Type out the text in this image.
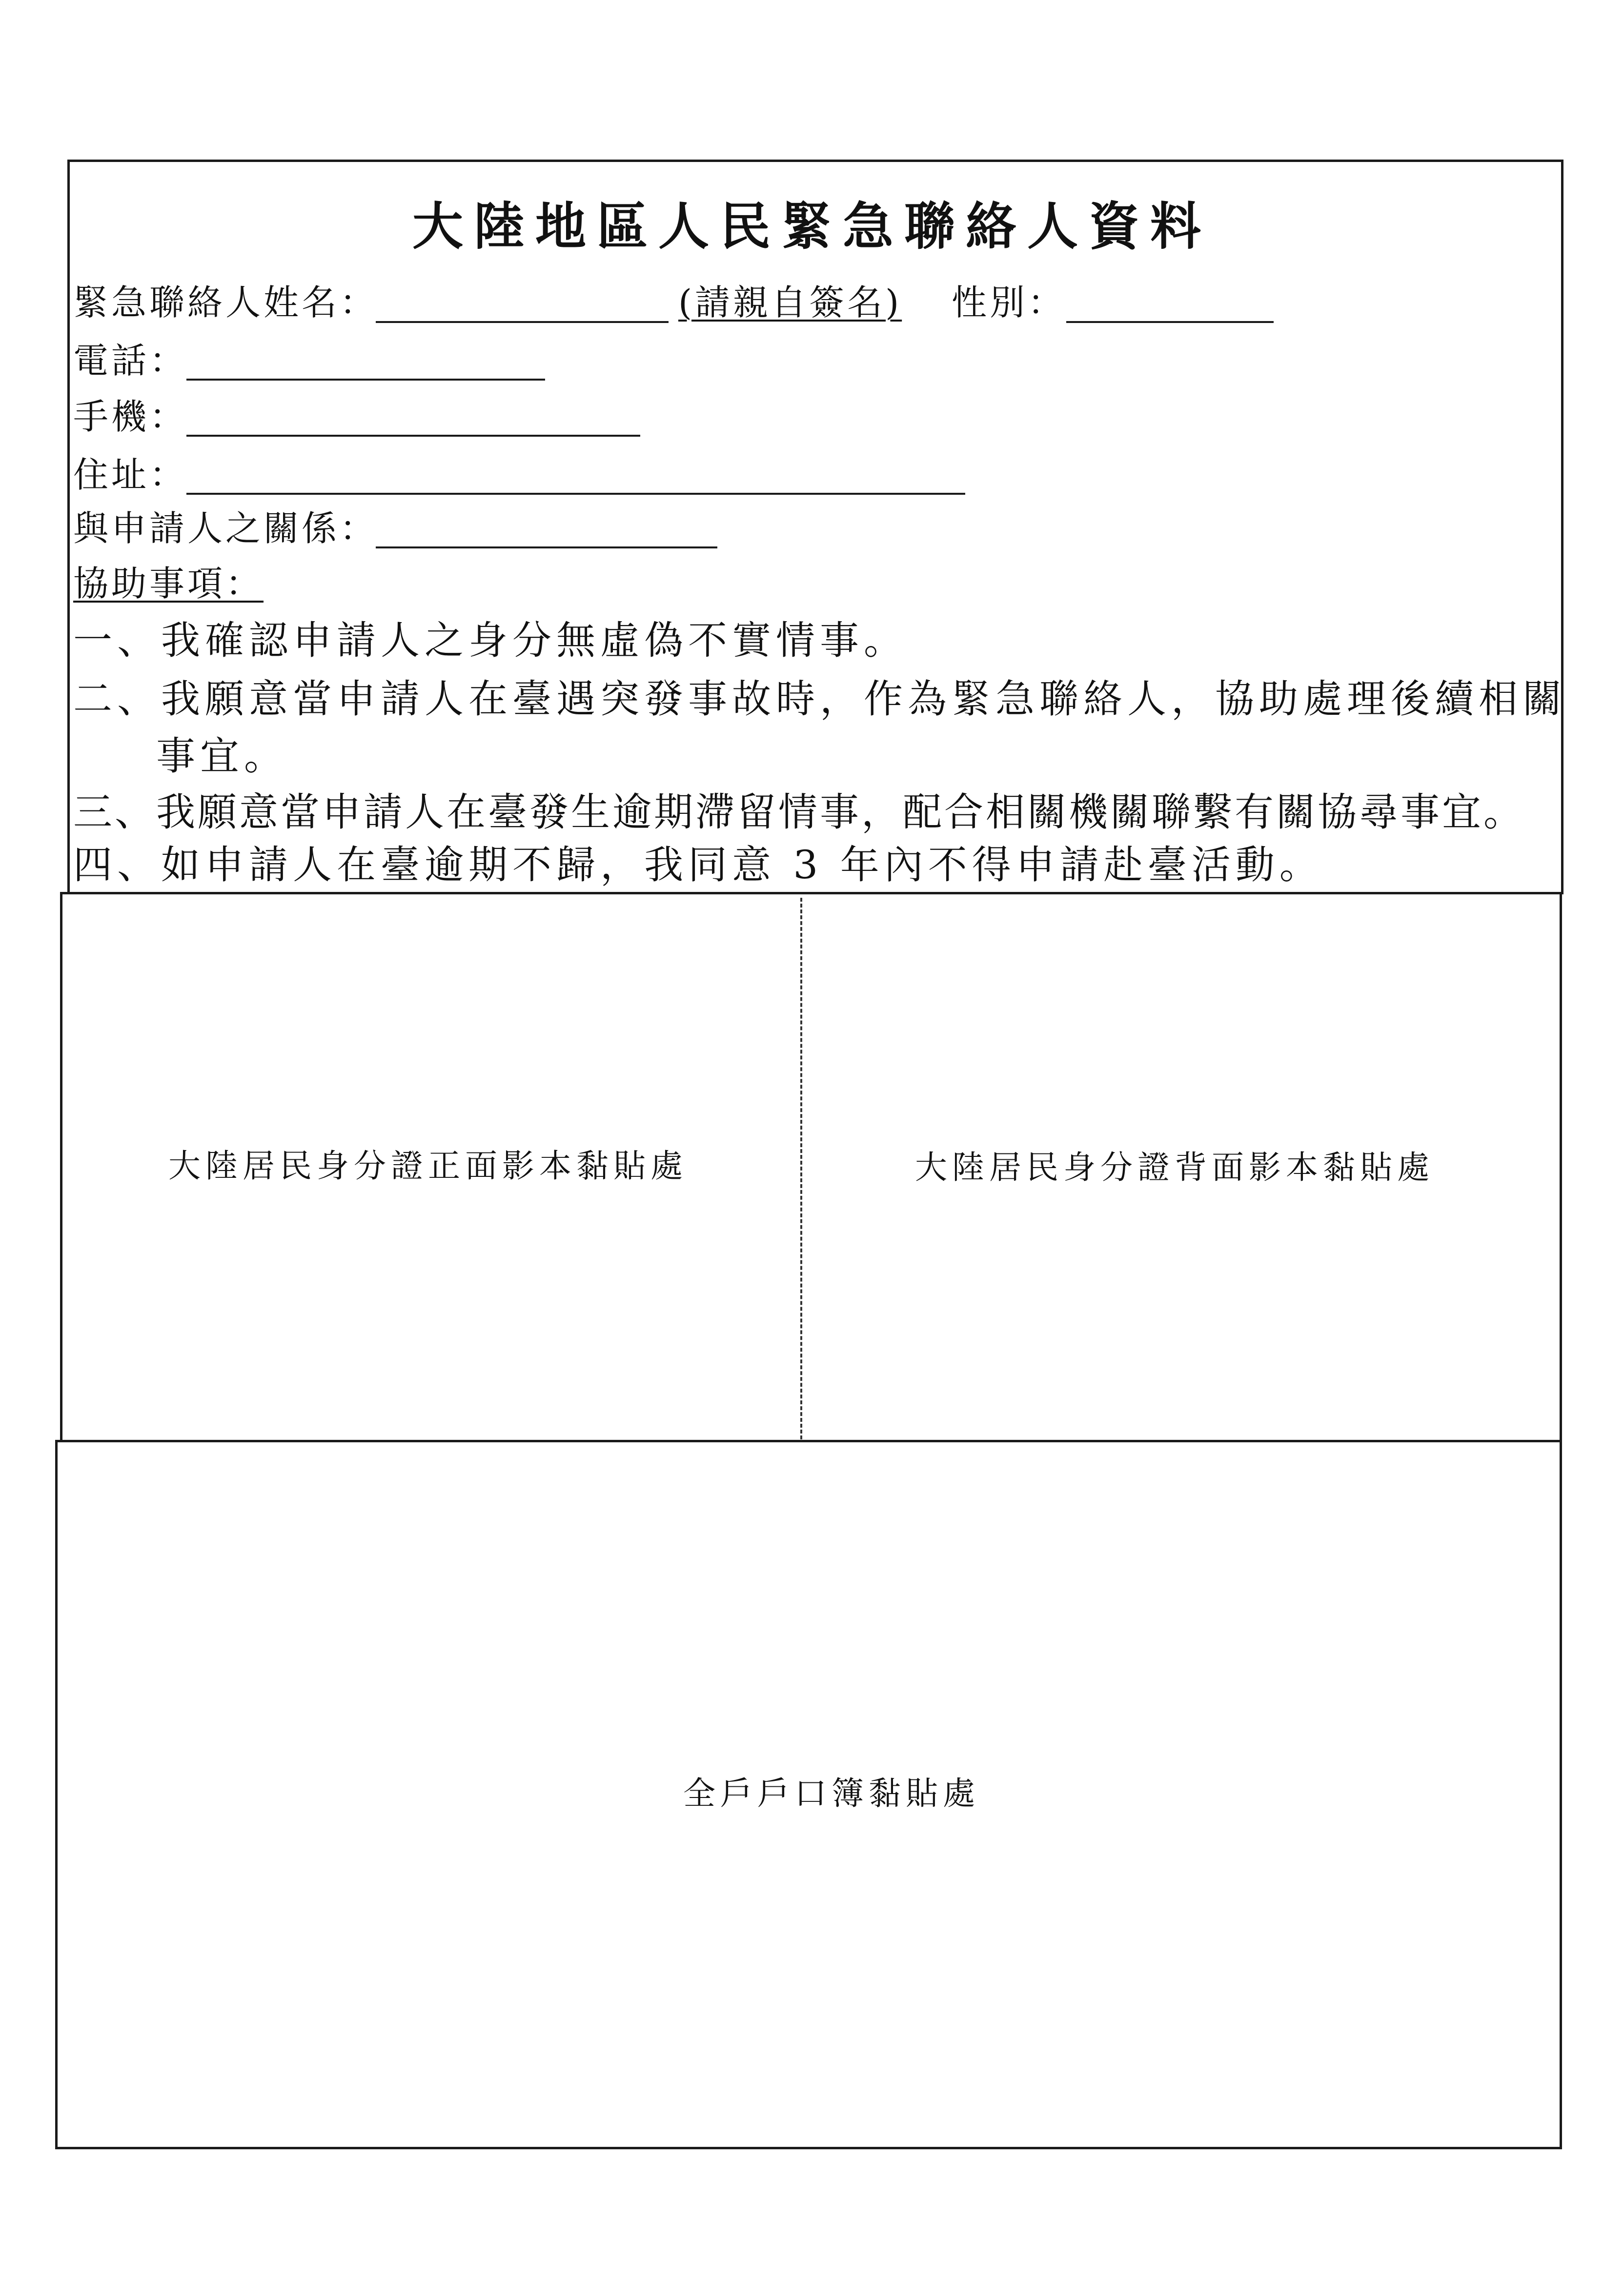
大陸地區人民緊急聯絡人資料
緊急聯絡人姓名：	(請親自簽名) 性別：
電話：
手機：
住址：
與申請人之關係：
協助事項：
一、我確認申請人之身分無虛偽不實情事。
二、我願意當申請人在臺遇突發事故時，作為緊急聯絡人，協助處理後續相關
事宜。
三、我願意當申請人在臺發生逾期滯留情事，配合相關機關聯繫有關協尋事宜。
四、如申請人在臺逾期不歸，我同意 3 年內不得申請赴臺活動。
大陸居民身分證正面影本黏貼處	大陸居民身分證背面影本黏貼處
全戶戶口簿黏貼處
